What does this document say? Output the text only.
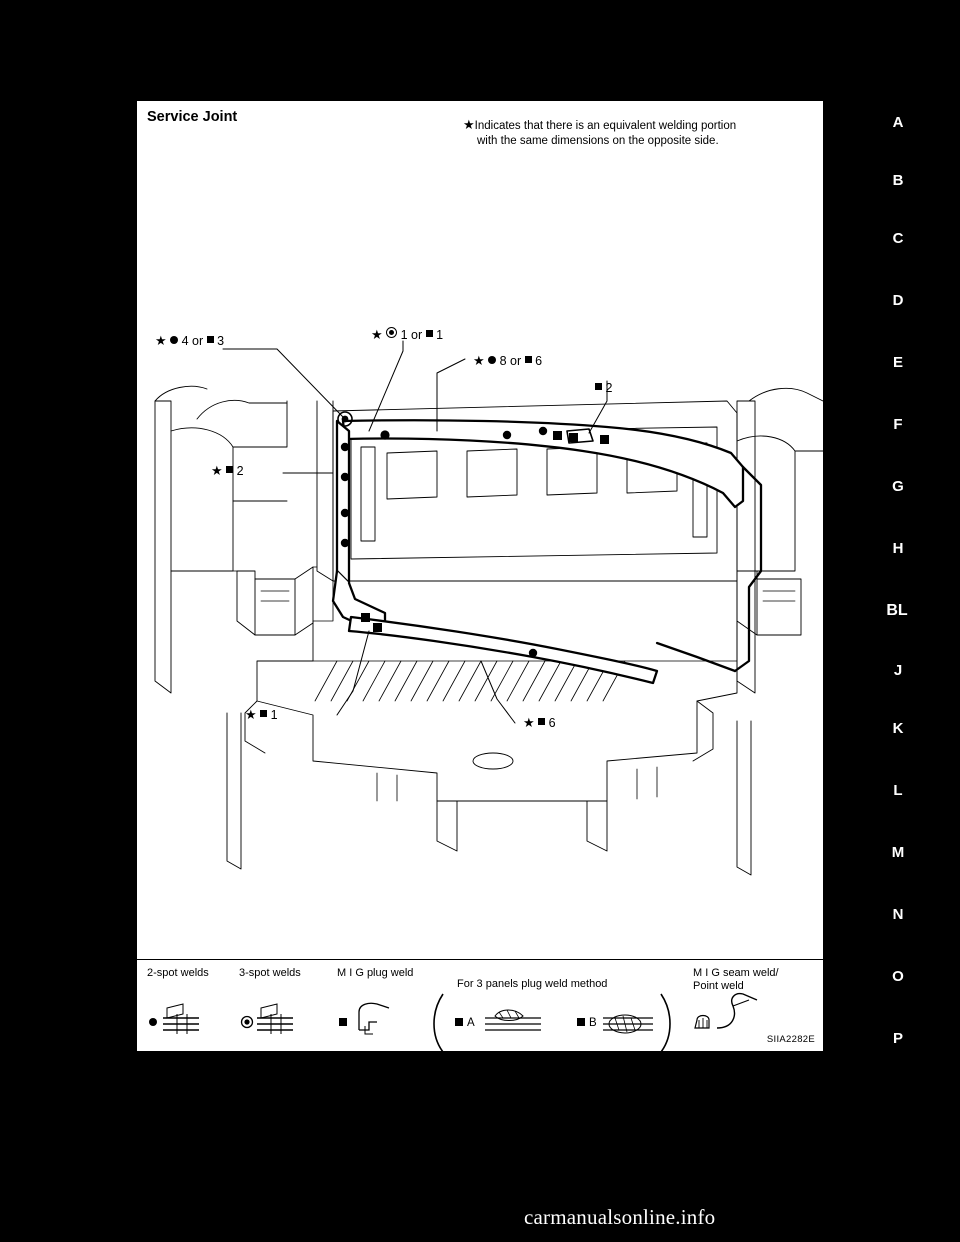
Service Joint	★Indicates that there is an equivalent welding portion
with the same dimensions on the opposite side.
★ 4 or 3	★ 1 or 1
★ 8 or 6
2
★ 2
★ 1	★ 6
2-spot welds	3-spot welds	M I G plug weld
For 3 panels plug weld method
M I G seam weld/
Point weld
A	B
SIIA2282E
A
B
C
D
E
F
G
H
BL
J
K
L
M
N
O
P
carmanualsonline.info
